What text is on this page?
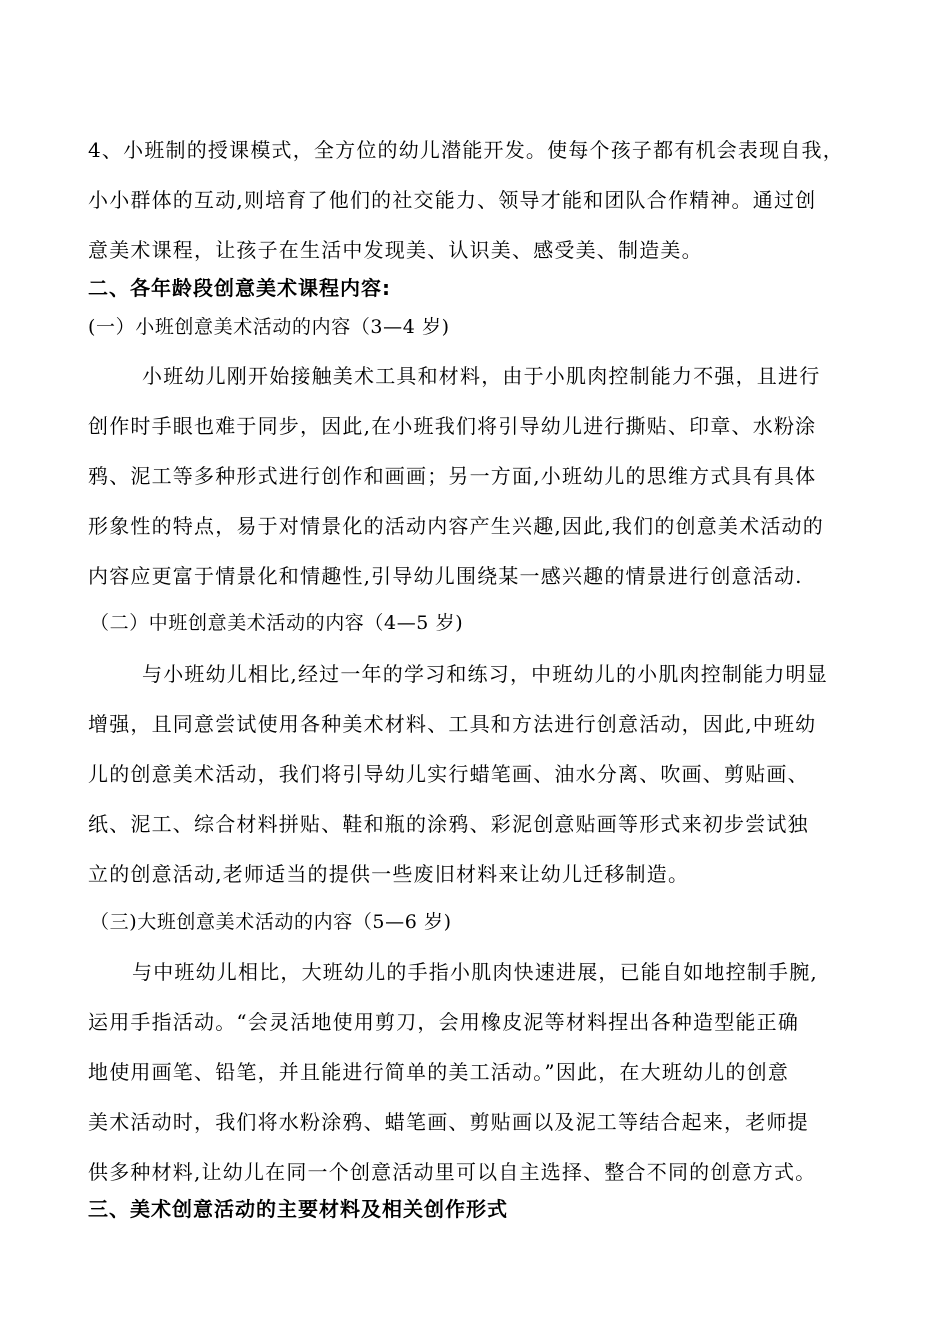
4、小班制的授课模式，全方位的幼儿潜能开发。使每个孩子都有机会表现自我，
小小群体的互动,则培育了他们的社交能力、领导才能和团队合作精神。通过创
意美术课程，让孩子在生活中发现美、认识美、感受美、制造美。
二、各年龄段创意美术课程内容:
(一）小班创意美术活动的内容（3—4 岁)
小班幼儿刚开始接触美术工具和材料，由于小肌肉控制能力不强，且进行
创作时手眼也难于同步，因此,在小班我们将引导幼儿进行撕贴、印章、水粉涂
鸦、泥工等多种形式进行创作和画画；另一方面,小班幼儿的思维方式具有具体
形象性的特点，易于对情景化的活动内容产生兴趣,因此,我们的创意美术活动的
内容应更富于情景化和情趣性,引导幼儿围绕某一感兴趣的情景进行创意活动.
（二）中班创意美术活动的内容（4—5 岁)
与小班幼儿相比,经过一年的学习和练习，中班幼儿的小肌肉控制能力明显
增强，且同意尝试使用各种美术材料、工具和方法进行创意活动，因此,中班幼
儿的创意美术活动，我们将引导幼儿实行蜡笔画、油水分离、吹画、剪贴画、
纸、泥工、综合材料拼贴、鞋和瓶的涂鸦、彩泥创意贴画等形式来初步尝试独
立的创意活动,老师适当的提供一些废旧材料来让幼儿迁移制造。
（三)大班创意美术活动的内容（5—6 岁)
与中班幼儿相比，大班幼儿的手指小肌肉快速进展，已能自如地控制手腕,
运用手指活动。“会灵活地使用剪刀，会用橡皮泥等材料捏出各种造型能正确
地使用画笔、铅笔，并且能进行简单的美工活动。”因此，在大班幼儿的创意
美术活动时，我们将水粉涂鸦、蜡笔画、剪贴画以及泥工等结合起来，老师提
供多种材料,让幼儿在同一个创意活动里可以自主选择、整合不同的创意方式。
三、美术创意活动的主要材料及相关创作形式
